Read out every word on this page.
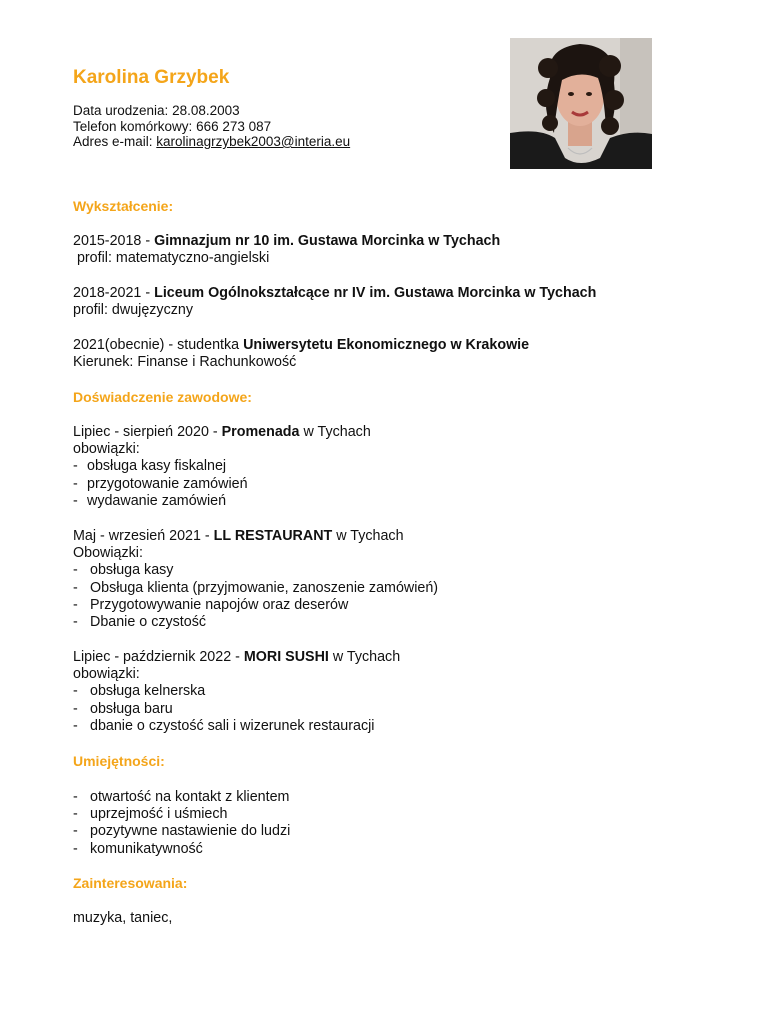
Karolina Grzybek
Data urodzenia: 28.08.2003
Telefon komórkowy: 666 273 087
Adres e-mail: karolinagrzybek2003@interia.eu
Wykształcenie:
2015-2018 - Gimnazjum nr 10 im. Gustawa Morcinka w Tychach
profil: matematyczno-angielski
2018-2021 - Liceum Ogólnokształcące nr IV im. Gustawa Morcinka w Tychach
profil: dwujęzyczny
2021(obecnie) - studentka Uniwersytetu Ekonomicznego w Krakowie
Kierunek: Finanse i Rachunkowość
Doświadczenie zawodowe:
Lipiec - sierpień 2020 - Promenada w Tychach
obowiązki:
- obsługa kasy fiskalnej
- przygotowanie zamówień
- wydawanie zamówień
Maj - wrzesień 2021 - LL RESTAURANT w Tychach
Obowiązki:
- obsługa kasy
- Obsługa klienta (przyjmowanie, zanoszenie zamówień)
- Przygotowywanie napojów oraz deserów
- Dbanie o czystość
Lipiec - październik 2022 - MORI SUSHI w Tychach
obowiązki:
- obsługa kelnerska
- obsługa baru
- dbanie o czystość sali i wizerunek restauracji
Umiejętności:
- otwartość na kontakt z klientem
- uprzejmość i uśmiech
- pozytywne nastawienie do ludzi
- komunikatywność
Zainteresowania:
muzyka, taniec,
